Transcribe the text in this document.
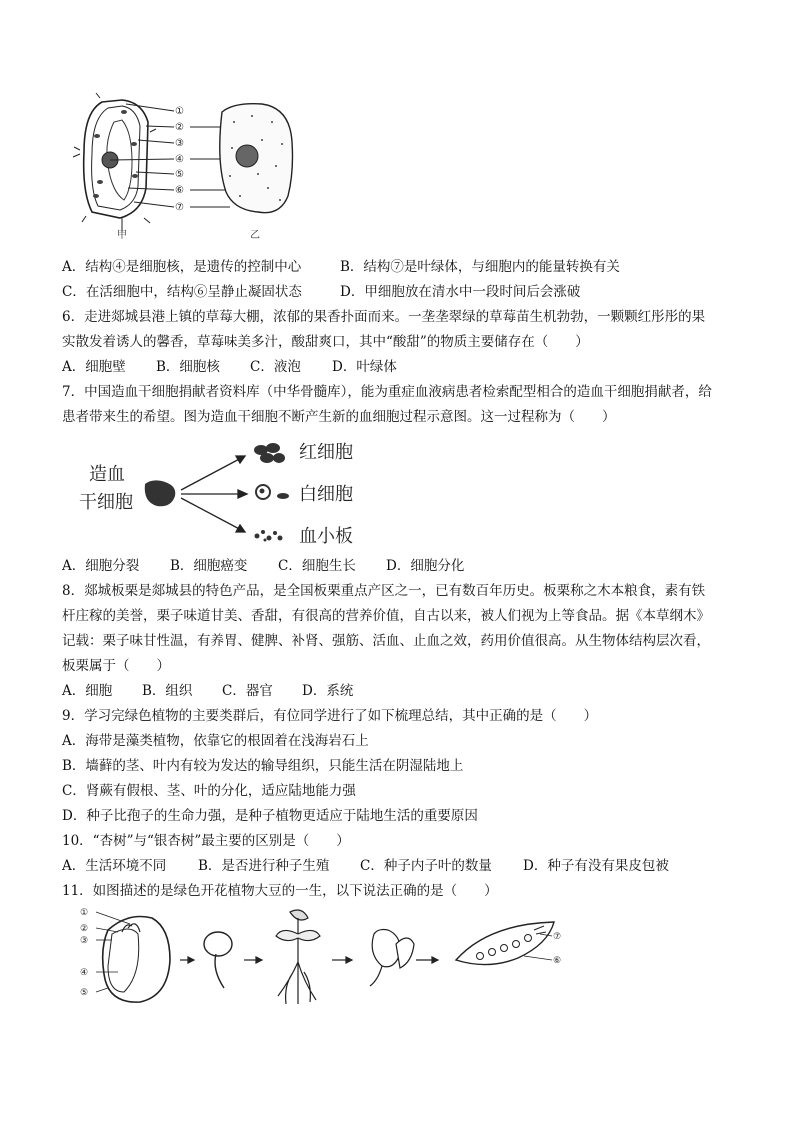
①
②
③
④
⑤
⑥
⑦
甲	乙
A．结构④是细胞核，是遗传的控制中心	B．结构⑦是叶绿体，与细胞内的能量转换有关
C．在活细胞中，结构⑥呈静止凝固状态	D．甲细胞放在清水中一段时间后会涨破
6．走进郯城县港上镇的草莓大棚，浓郁的果香扑面而来。一垄垄翠绿的草莓苗生机勃勃，一颗颗红彤彤的果
实散发着诱人的馨香，草莓味美多汁，酸甜爽口，其中“酸甜”的物质主要储存在（　　）
A．细胞壁 B．细胞核 C．液泡 D．叶绿体
7．中国造血干细胞捐献者资料库（中华骨髓库），能为重症血液病患者检索配型相合的造血干细胞捐献者，给
患者带来生的希望。图为造血干细胞不断产生新的血细胞过程示意图。这一过程称为（　　）
造血
干细胞
红细胞
白细胞
血小板
A．细胞分裂 B．细胞癌变 C．细胞生长 D．细胞分化
8．郯城板栗是郯城县的特色产品，是全国板栗重点产区之一，已有数百年历史。板栗称之木本粮食，素有铁
杆庄稼的美誉，栗子味道甘美、香甜，有很高的营养价值，自古以来，被人们视为上等食品。据《本草纲木》
记载：栗子味甘性温，有养胃、健脾、补肾、强筋、活血、止血之效，药用价值很高。从生物体结构层次看，
板栗属于（　　）
A．细胞 B．组织 C．器官 D．系统
9．学习完绿色植物的主要类群后，有位同学进行了如下梳理总结，其中正确的是（　　）
A．海带是藻类植物，依靠它的根固着在浅海岩石上
B．墙藓的茎、叶内有较为发达的输导组织，只能生活在阴湿陆地上
C．肾蕨有假根、茎、叶的分化，适应陆地能力强
D．种子比孢子的生命力强，是种子植物更适应于陆地生活的重要原因
10．“杏树”与“银杏树”最主要的区别是（　　）
A．生活环境不同 B．是否进行种子生殖 C．种子内子叶的数量 D．种子有没有果皮包被
11．如图描述的是绿色开花植物大豆的一生，以下说法正确的是（　　）
①
②
③
④
⑤
⑦
⑥
